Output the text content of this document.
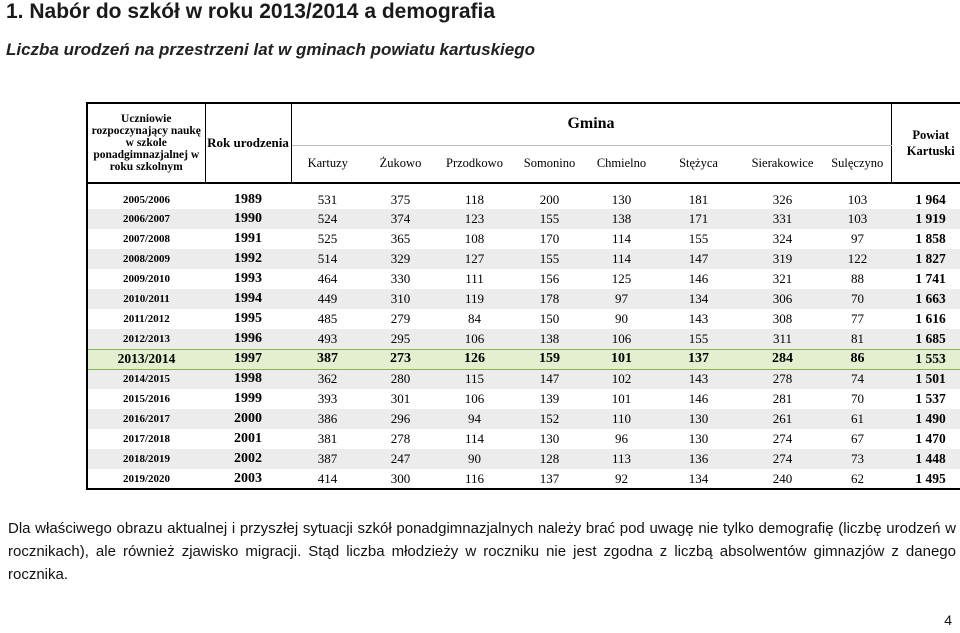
1. Nabór do szkół w roku 2013/2014 a demografia
Liczba urodzeń na przestrzeni lat w gminach powiatu kartuskiego
Uczniowie rozpoczynający naukę w szkole ponadgimnazjalnej w roku szkolnym	Rok urodzenia	Gmina								Powiat Kartuski
		Kartuzy	Żukowo	Przodkowo	Somonino	Chmielno	Stężyca	Sierakowice	Sulęczyno	
2005/2006	1989	531	375	118	200	130	181	326	103	1 964
2006/2007	1990	524	374	123	155	138	171	331	103	1 919
2007/2008	1991	525	365	108	170	114	155	324	97	1 858
2008/2009	1992	514	329	127	155	114	147	319	122	1 827
2009/2010	1993	464	330	111	156	125	146	321	88	1 741
2010/2011	1994	449	310	119	178	97	134	306	70	1 663
2011/2012	1995	485	279	84	150	90	143	308	77	1 616
2012/2013	1996	493	295	106	138	106	155	311	81	1 685
2013/2014	1997	387	273	126	159	101	137	284	86	1 553
2014/2015	1998	362	280	115	147	102	143	278	74	1 501
2015/2016	1999	393	301	106	139	101	146	281	70	1 537
2016/2017	2000	386	296	94	152	110	130	261	61	1 490
2017/2018	2001	381	278	114	130	96	130	274	67	1 470
2018/2019	2002	387	247	90	128	113	136	274	73	1 448
2019/2020	2003	414	300	116	137	92	134	240	62	1 495

Dla właściwego obrazu aktualnej i przyszłej sytuacji szkół ponadgimnazjalnych należy brać pod uwagę nie tylko demografię (liczbę urodzeń w rocznikach), ale również zjawisko migracji. Stąd liczba młodzieży w roczniku nie jest zgodna z liczbą absolwentów gimnazjów z danego rocznika.

4
